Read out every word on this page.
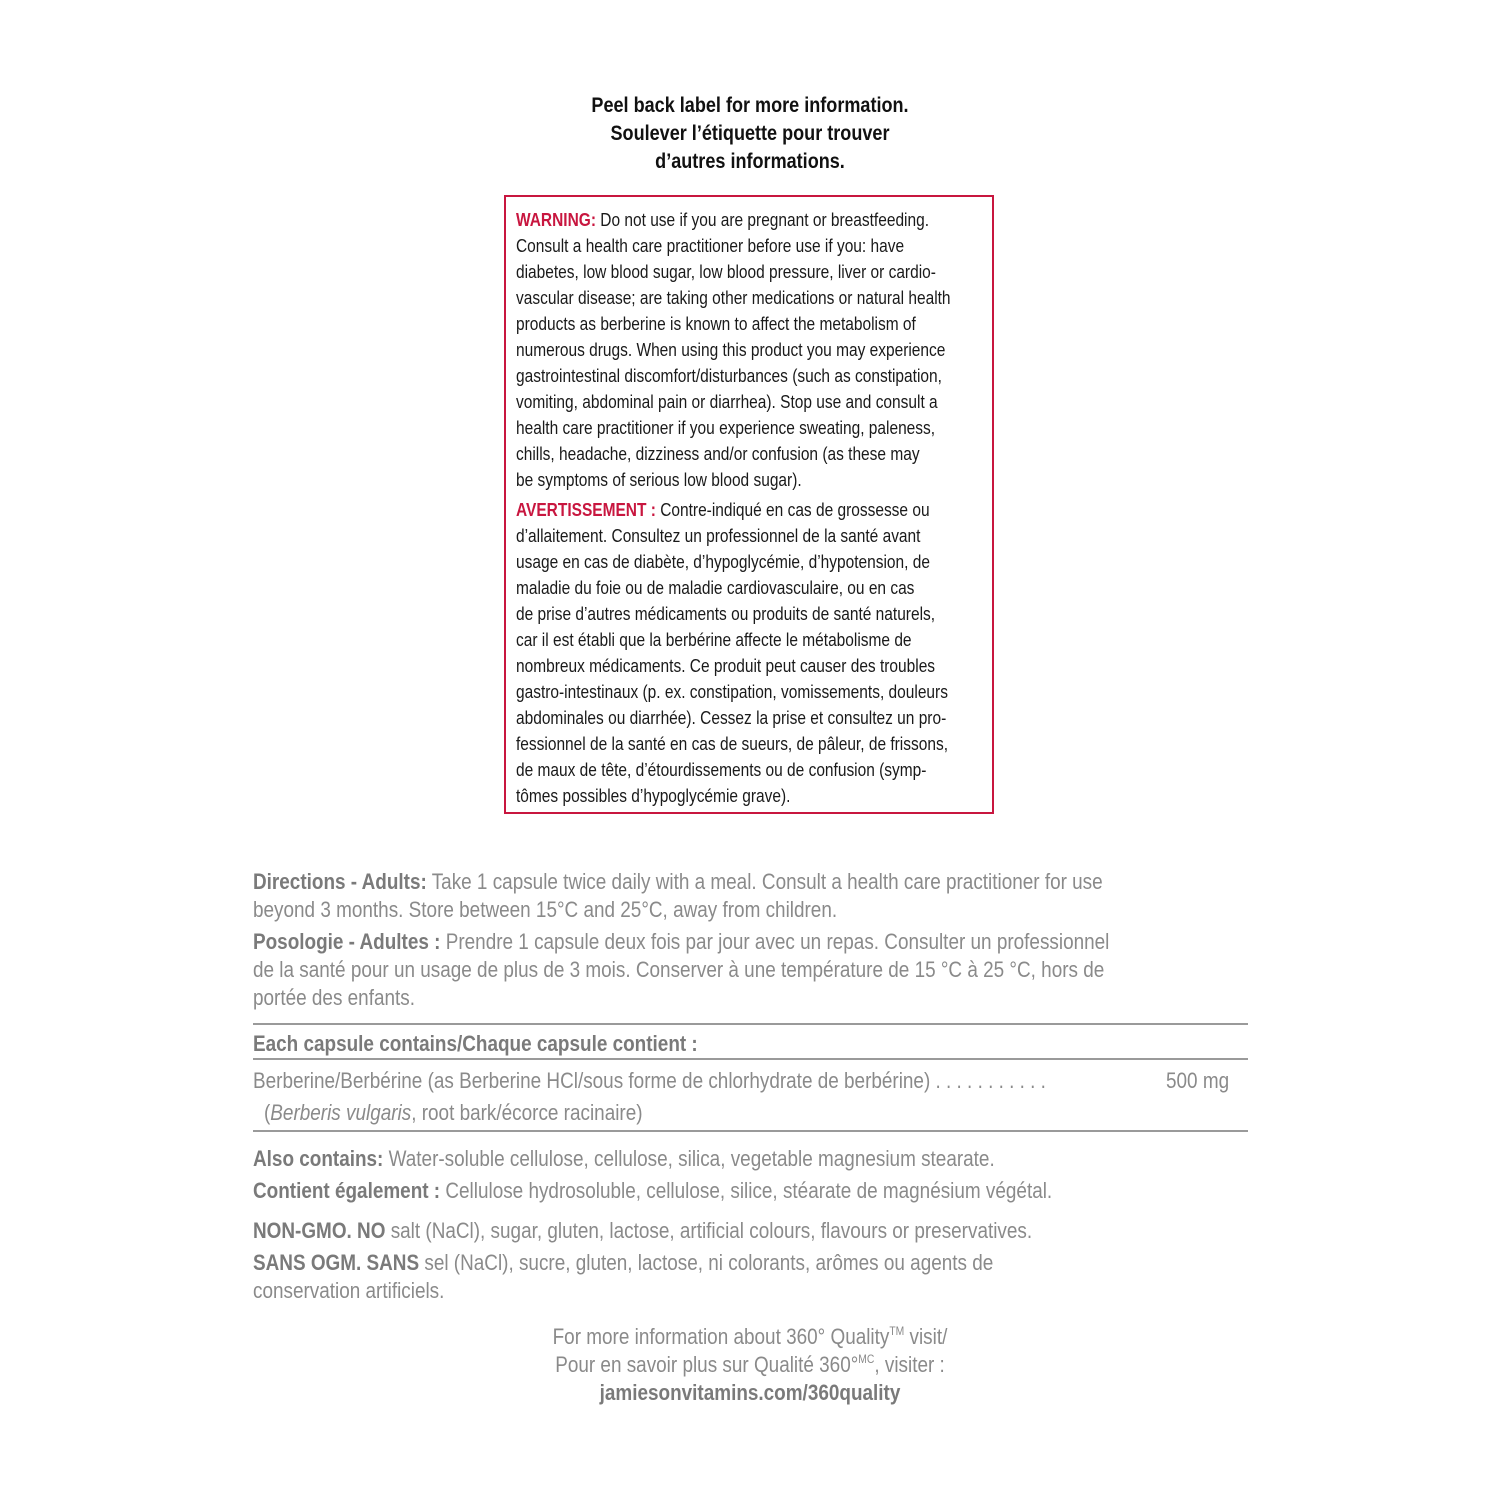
Peel back label for more information.
Soulever l’étiquette pour trouver
d’autres informations.
WARNING: Do not use if you are pregnant or breastfeeding.
Consult a health care practitioner before use if you: have
diabetes, low blood sugar, low blood pressure, liver or cardio-
vascular disease; are taking other medications or natural health
products as berberine is known to affect the metabolism of
numerous drugs. When using this product you may experience
gastrointestinal discomfort/disturbances (such as constipation,
vomiting, abdominal pain or diarrhea). Stop use and consult a
health care practitioner if you experience sweating, paleness,
chills, headache, dizziness and/or confusion (as these may
be symptoms of serious low blood sugar).
AVERTISSEMENT : Contre-indiqué en cas de grossesse ou
d’allaitement. Consultez un professionnel de la santé avant
usage en cas de diabète, d’hypoglycémie, d’hypotension, de
maladie du foie ou de maladie cardiovasculaire, ou en cas
de prise d’autres médicaments ou produits de santé naturels,
car il est établi que la berbérine affecte le métabolisme de
nombreux médicaments. Ce produit peut causer des troubles
gastro-intestinaux (p. ex. constipation, vomissements, douleurs
abdominales ou diarrhée). Cessez la prise et consultez un pro-
fessionnel de la santé en cas de sueurs, de pâleur, de frissons,
de maux de tête, d’étourdissements ou de confusion (symp-
tômes possibles d’hypoglycémie grave).
Directions - Adults: Take 1 capsule twice daily with a meal. Consult a health care practitioner for use
beyond 3 months. Store between 15°C and 25°C, away from children.
Posologie - Adultes : Prendre 1 capsule deux fois par jour avec un repas. Consulter un professionnel
de la santé pour un usage de plus de 3 mois. Conserver à une température de 15 °C à 25 °C, hors de
portée des enfants.
Each capsule contains/Chaque capsule contient :
Berberine/Berbérine (as Berberine HCl/sous forme de chlorhydrate de berbérine) . . . . . . . . . . .	500 mg
(Berberis vulgaris, root bark/écorce racinaire)
Also contains: Water-soluble cellulose, cellulose, silica, vegetable magnesium stearate.
Contient également : Cellulose hydrosoluble, cellulose, silice, stéarate de magnésium végétal.
NON-GMO. NO salt (NaCl), sugar, gluten, lactose, artificial colours, flavours or preservatives.
SANS OGM. SANS sel (NaCl), sucre, gluten, lactose, ni colorants, arômes ou agents de
conservation artificiels.
For more information about 360° Quality™ visit/
Pour en savoir plus sur Qualité 360°$^{MC}$, visiter :
jamiesonvitamins.com/360quality
